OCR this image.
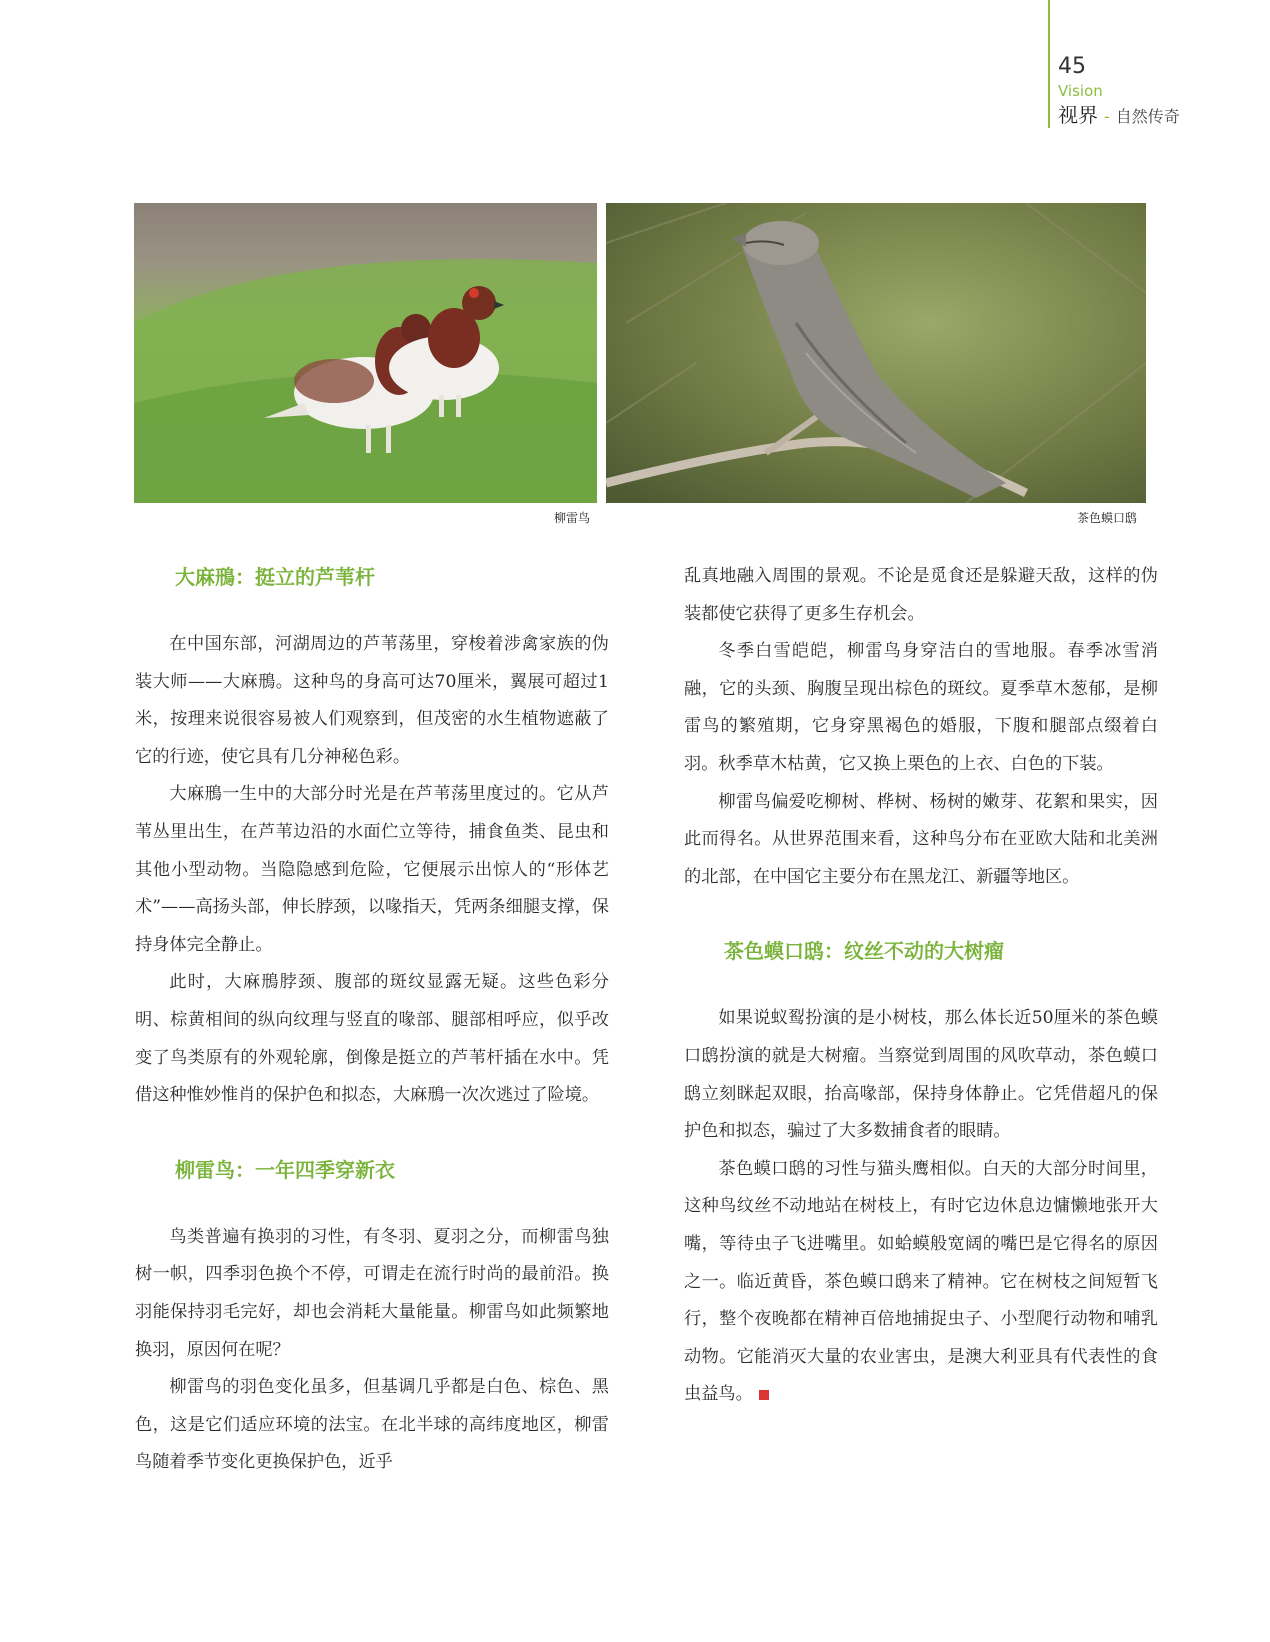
45
Vision
视界 - 自然传奇
柳雷鸟	茶色蟆口鸱
大麻鳽：挺立的芦苇杆

在中国东部，河湖周边的芦苇荡里，穿梭着涉禽家族的伪装大师——大麻鳽。这种鸟的身高可达70厘米，翼展可超过1米，按理来说很容易被人们观察到，但茂密的水生植物遮蔽了它的行迹，使它具有几分神秘色彩。

大麻鳽一生中的大部分时光是在芦苇荡里度过的。它从芦苇丛里出生，在芦苇边沿的水面伫立等待，捕食鱼类、昆虫和其他小型动物。当隐隐感到危险，它便展示出惊人的“形体艺术”——高扬头部，伸长脖颈，以喙指天，凭两条细腿支撑，保持身体完全静止。

此时，大麻鳽脖颈、腹部的斑纹显露无疑。这些色彩分明、棕黄相间的纵向纹理与竖直的喙部、腿部相呼应，似乎改变了鸟类原有的外观轮廓，倒像是挺立的芦苇杆插在水中。凭借这种惟妙惟肖的保护色和拟态，大麻鳽一次次逃过了险境。

柳雷鸟：一年四季穿新衣

鸟类普遍有换羽的习性，有冬羽、夏羽之分，而柳雷鸟独树一帜，四季羽色换个不停，可谓走在流行时尚的最前沿。换羽能保持羽毛完好，却也会消耗大量能量。柳雷鸟如此频繁地换羽，原因何在呢？

柳雷鸟的羽色变化虽多，但基调几乎都是白色、棕色、黑色，这是它们适应环境的法宝。在北半球的高纬度地区，柳雷鸟随着季节变化更换保护色，近乎

乱真地融入周围的景观。不论是觅食还是躲避天敌，这样的伪装都使它获得了更多生存机会。

冬季白雪皑皑，柳雷鸟身穿洁白的雪地服。春季冰雪消融，它的头颈、胸腹呈现出棕色的斑纹。夏季草木葱郁，是柳雷鸟的繁殖期，它身穿黑褐色的婚服，下腹和腿部点缀着白羽。秋季草木枯黄，它又换上栗色的上衣、白色的下装。

柳雷鸟偏爱吃柳树、桦树、杨树的嫩芽、花絮和果实，因此而得名。从世界范围来看，这种鸟分布在亚欧大陆和北美洲的北部，在中国它主要分布在黑龙江、新疆等地区。

茶色蟆口鸱：纹丝不动的大树瘤

如果说蚁䴕扮演的是小树枝，那么体长近50厘米的茶色蟆口鸱扮演的就是大树瘤。当察觉到周围的风吹草动，茶色蟆口鸱立刻眯起双眼，抬高喙部，保持身体静止。它凭借超凡的保护色和拟态，骗过了大多数捕食者的眼睛。

茶色蟆口鸱的习性与猫头鹰相似。白天的大部分时间里，这种鸟纹丝不动地站在树枝上，有时它边休息边慵懒地张开大嘴，等待虫子飞进嘴里。如蛤蟆般宽阔的嘴巴是它得名的原因之一。临近黄昏，茶色蟆口鸱来了精神。它在树枝之间短暂飞行，整个夜晚都在精神百倍地捕捉虫子、小型爬行动物和哺乳动物。它能消灭大量的农业害虫，是澳大利亚具有代表性的食虫益鸟。
